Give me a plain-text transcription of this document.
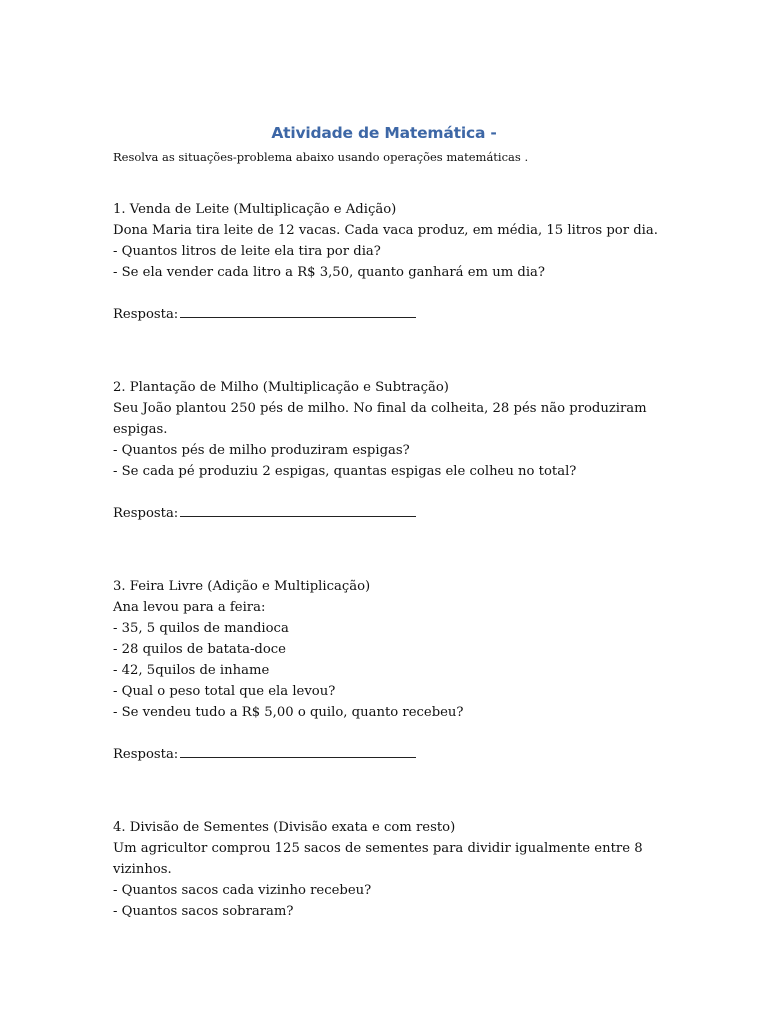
Atividade de Matemática -
Resolva as situações-problema abaixo usando operações matemáticas .
1. Venda de Leite (Multiplicação e Adição)
Dona Maria tira leite de 12 vacas. Cada vaca produz, em média, 15 litros por dia.
- Quantos litros de leite ela tira por dia?
- Se ela vender cada litro a R$ 3,50, quanto ganhará em um dia?
Resposta:
2. Plantação de Milho (Multiplicação e Subtração)
Seu João plantou 250 pés de milho. No final da colheita, 28 pés não produziram
espigas.
- Quantos pés de milho produziram espigas?
- Se cada pé produziu 2 espigas, quantas espigas ele colheu no total?
Resposta:
3. Feira Livre (Adição e Multiplicação)
Ana levou para a feira:
- 35, 5 quilos de mandioca
- 28 quilos de batata-doce
- 42, 5quilos de inhame
- Qual o peso total que ela levou?
- Se vendeu tudo a R$ 5,00 o quilo, quanto recebeu?
Resposta:
4. Divisão de Sementes (Divisão exata e com resto)
Um agricultor comprou 125 sacos de sementes para dividir igualmente entre 8
vizinhos.
- Quantos sacos cada vizinho recebeu?
- Quantos sacos sobraram?
